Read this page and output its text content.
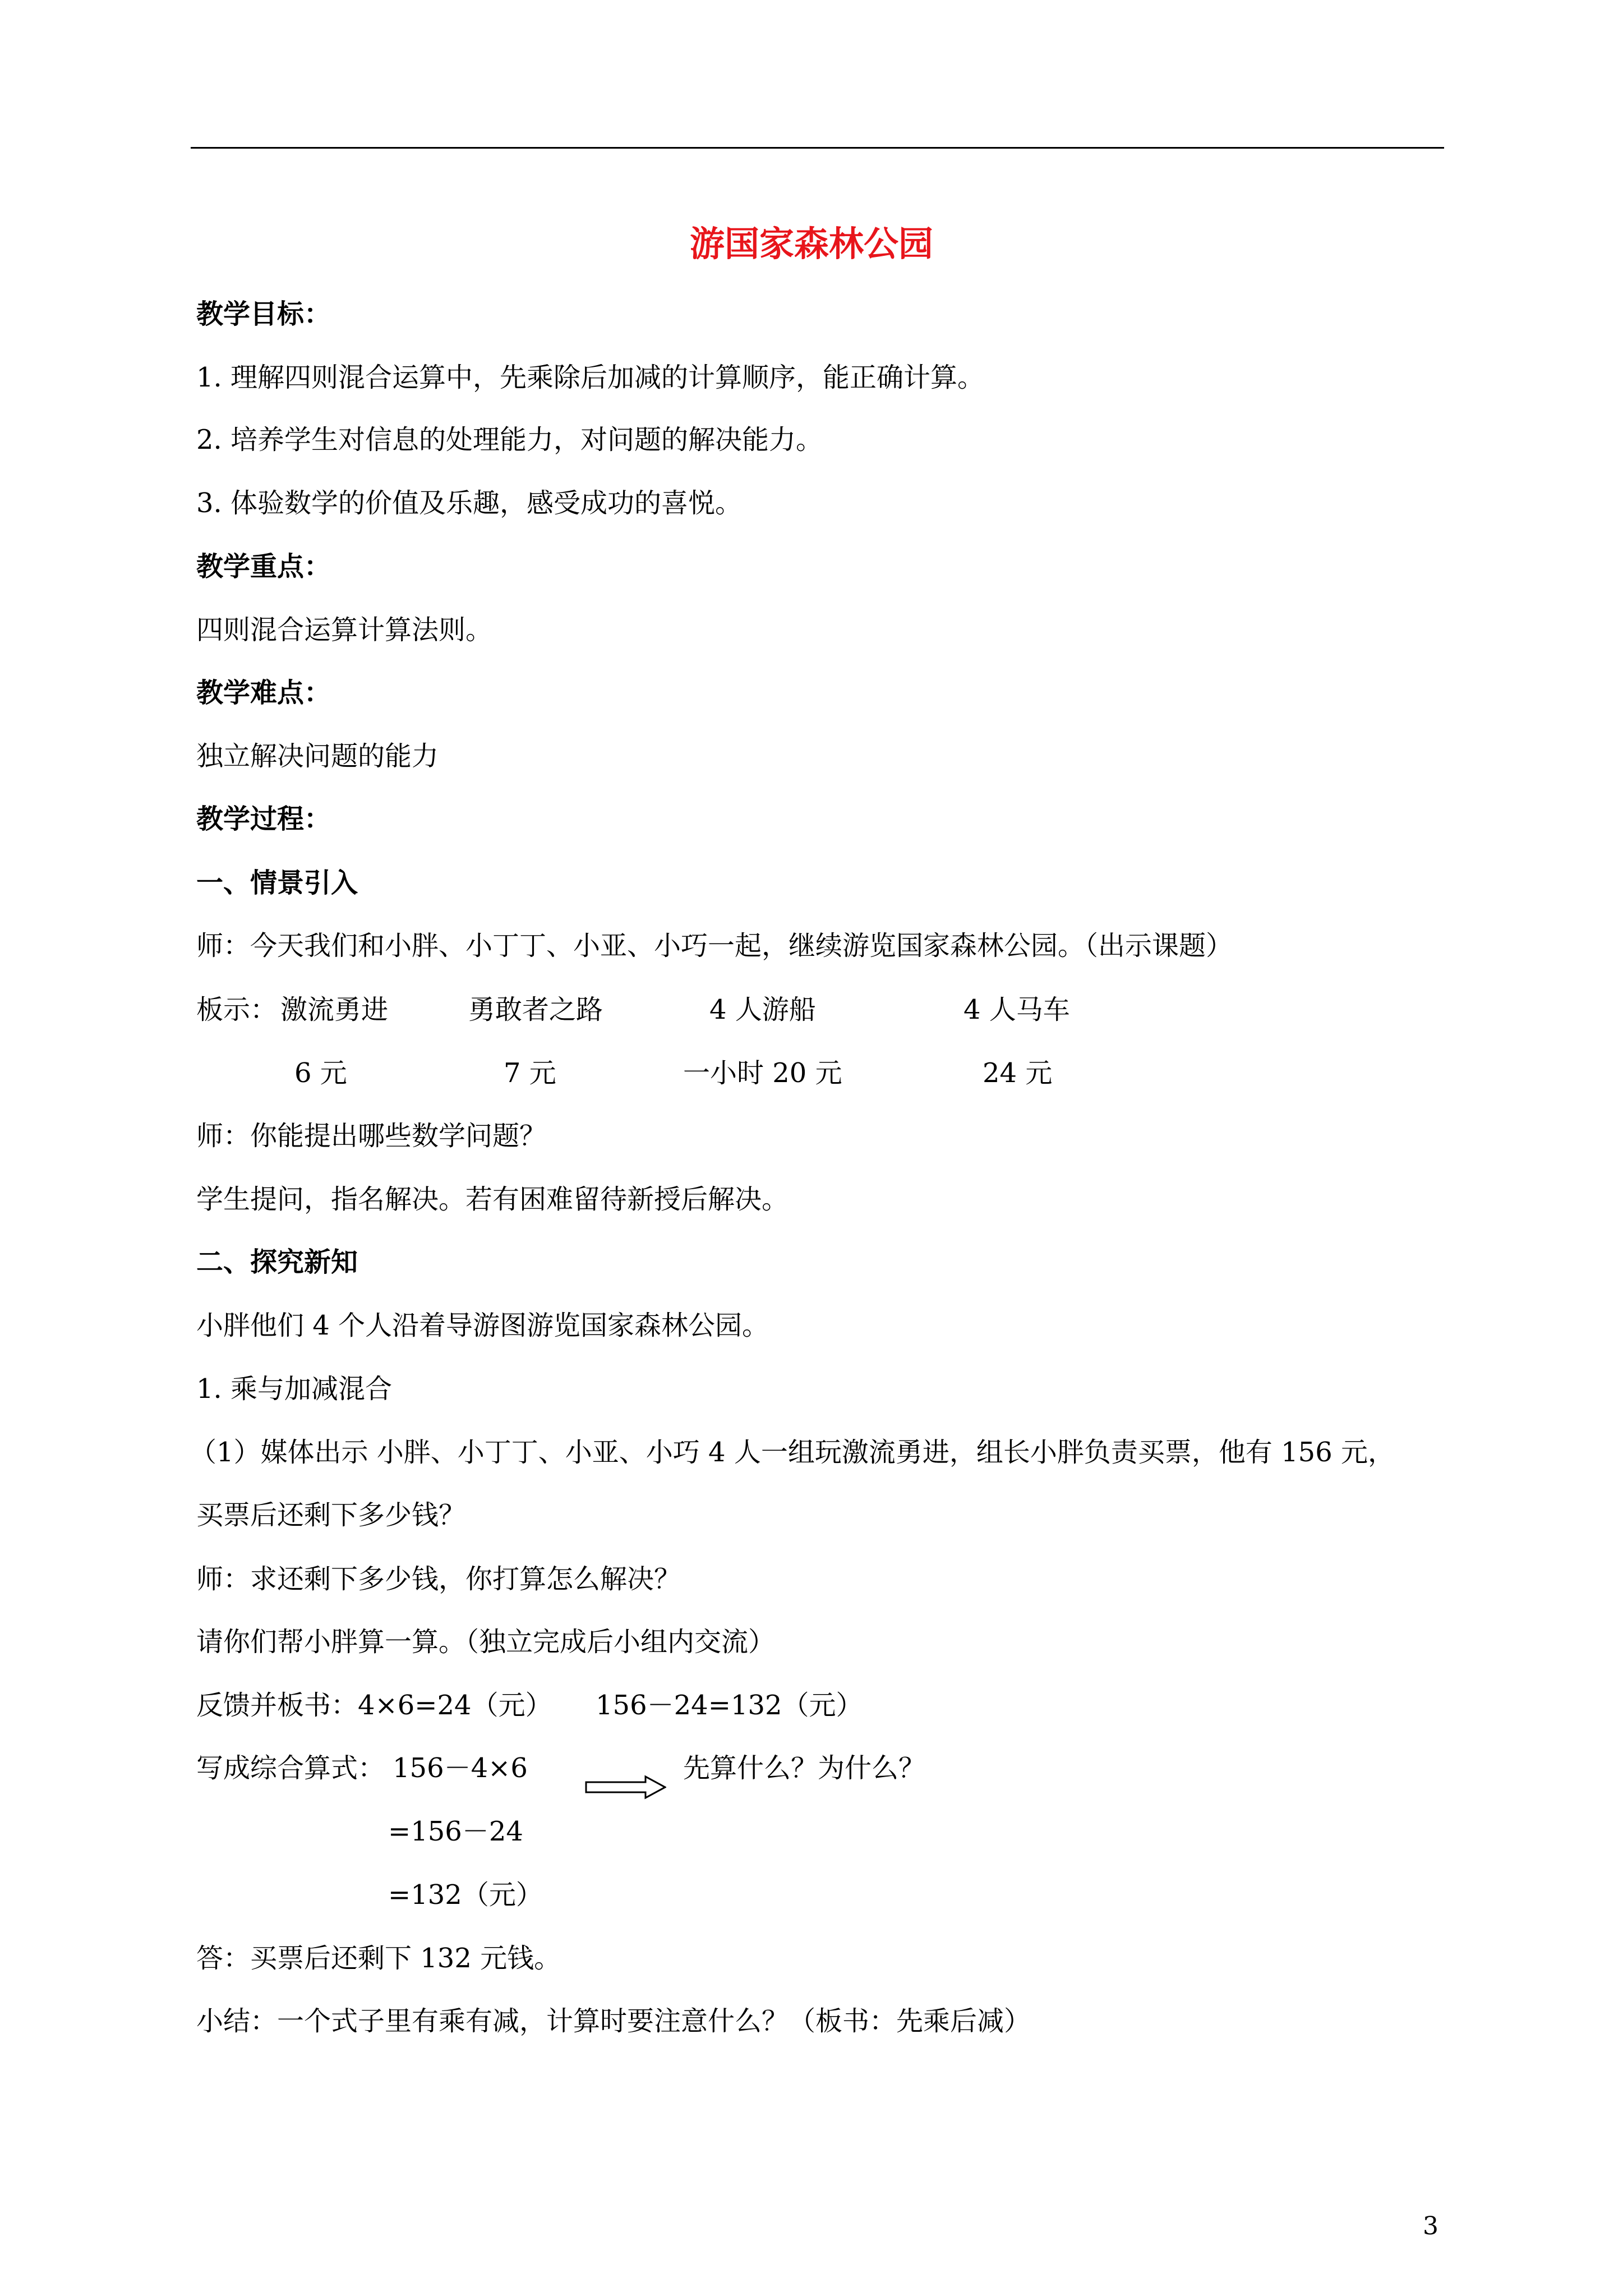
游国家森林公园
教学目标：
1. 理解四则混合运算中，先乘除后加减的计算顺序，能正确计算。
2. 培养学生对信息的处理能力，对问题的解决能力。
3. 体验数学的价值及乐趣，感受成功的喜悦。
教学重点：
四则混合运算计算法则。
教学难点：
独立解决问题的能力
教学过程：
一、情景引入
师：今天我们和小胖、小丁丁、小亚、小巧一起，继续游览国家森林公园。（出示课题）
板示： 激流勇进	勇敢者之路	4 人游船	4 人马车
6 元	7 元	一小时 20 元	24 元
师：你能提出哪些数学问题？
学生提问，指名解决。若有困难留待新授后解决。
二、探究新知
小胖他们 4 个人沿着导游图游览国家森林公园。
1. 乘与加减混合
（1）媒体出示 小胖、小丁丁、小亚、小巧 4 人一组玩激流勇进，组长小胖负责买票，他有 156 元，
买票后还剩下多少钱？
师：求还剩下多少钱，你打算怎么解决？
请你们帮小胖算一算。（独立完成后小组内交流）
反馈并板书： 4×6=24（元） 156－24=132（元）
写成综合算式： 156－4×6	先算什么？为什么？
=156－24
=132（元）
答：买票后还剩下 132 元钱。
小结：一个式子里有乘有减，计算时要注意什么？（板书：先乘后减）
3
